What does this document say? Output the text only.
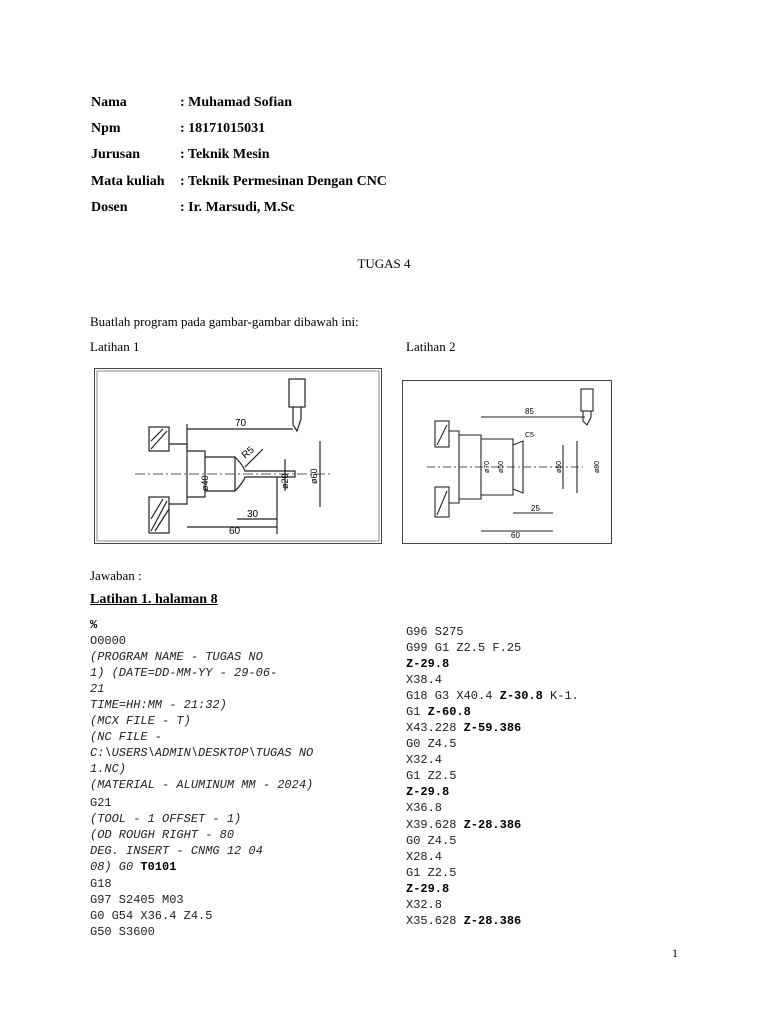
Nama	: Muhamad Sofian
Npm	: 18171015031
Jurusan	: Teknik Mesin
Mata kuliah : Teknik Permesinan Dengan CNC
Dosen	: Ir. Marsudi, M.Sc
TUGAS 4
Buatlah program pada gambar-gambar dibawah ini:
Latihan 1	Latihan 2
70
R5
ø40	ø20 ø60
30
60
85
C5
ø70 ø50	ø50	ø80
25
60
Jawaban :
Latihan 1. halaman 8
%
O0000
(PROGRAM NAME - TUGAS NO
1) (DATE=DD-MM-YY - 29-06-
21
TIME=HH:MM - 21:32)
(MCX FILE - T)
(NC FILE -
C:\USERS\ADMIN\DESKTOP\TUGAS NO
1.NC)
(MATERIAL - ALUMINUM MM - 2024)
G21
(TOOL - 1 OFFSET - 1)
(OD ROUGH RIGHT - 80
DEG. INSERT - CNMG 12 04
08) G0 T0101
G18
G97 S2405 M03
G0 G54 X36.4 Z4.5
G50 S3600
G96 S275
G99 G1 Z2.5 F.25
Z-29.8
X38.4
G18 G3 X40.4 Z-30.8 K-1.
G1 Z-60.8
X43.228 Z-59.386
G0 Z4.5
X32.4
G1 Z2.5
Z-29.8
X36.8
X39.628 Z-28.386
G0 Z4.5
X28.4
G1 Z2.5
Z-29.8
X32.8
X35.628 Z-28.386
1
